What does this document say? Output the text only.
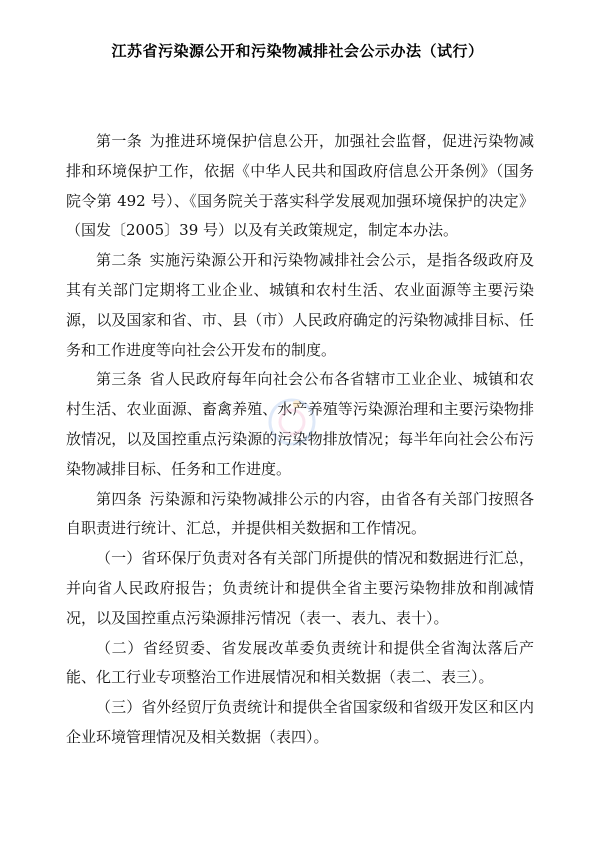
江苏省污染源公开和污染物减排社会公示办法（试行）

第一条 为推进环境保护信息公开，加强社会监督，促进污染物减排和环境保护工作，依据《中华人民共和国政府信息公开条例》（国务院令第 492 号）、《国务院关于落实科学发展观加强环境保护的决定》（国发〔2005〕39 号）以及有关政策规定，制定本办法。

第二条 实施污染源公开和污染物减排社会公示，是指各级政府及其有关部门定期将工业企业、城镇和农村生活、农业面源等主要污染源，以及国家和省、市、县（市）人民政府确定的污染物减排目标、任务和工作进度等向社会公开发布的制度。

第三条 省人民政府每年向社会公布各省辖市工业企业、城镇和农村生活、农业面源、畜禽养殖、水产养殖等污染源治理和主要污染物排放情况，以及国控重点污染源的污染物排放情况；每半年向社会公布污染物减排目标、任务和工作进度。

第四条 污染源和污染物减排公示的内容，由省各有关部门按照各自职责进行统计、汇总，并提供相关数据和工作情况。

（一）省环保厅负责对各有关部门所提供的情况和数据进行汇总，并向省人民政府报告；负责统计和提供全省主要污染物排放和削减情况，以及国控重点污染源排污情况（表一、表九、表十）。

（二）省经贸委、省发展改革委负责统计和提供全省淘汰落后产能、化工行业专项整治工作进展情况和相关数据（表二、表三）。

（三）省外经贸厅负责统计和提供全省国家级和省级开发区和区内企业环境管理情况及相关数据（表四）。
